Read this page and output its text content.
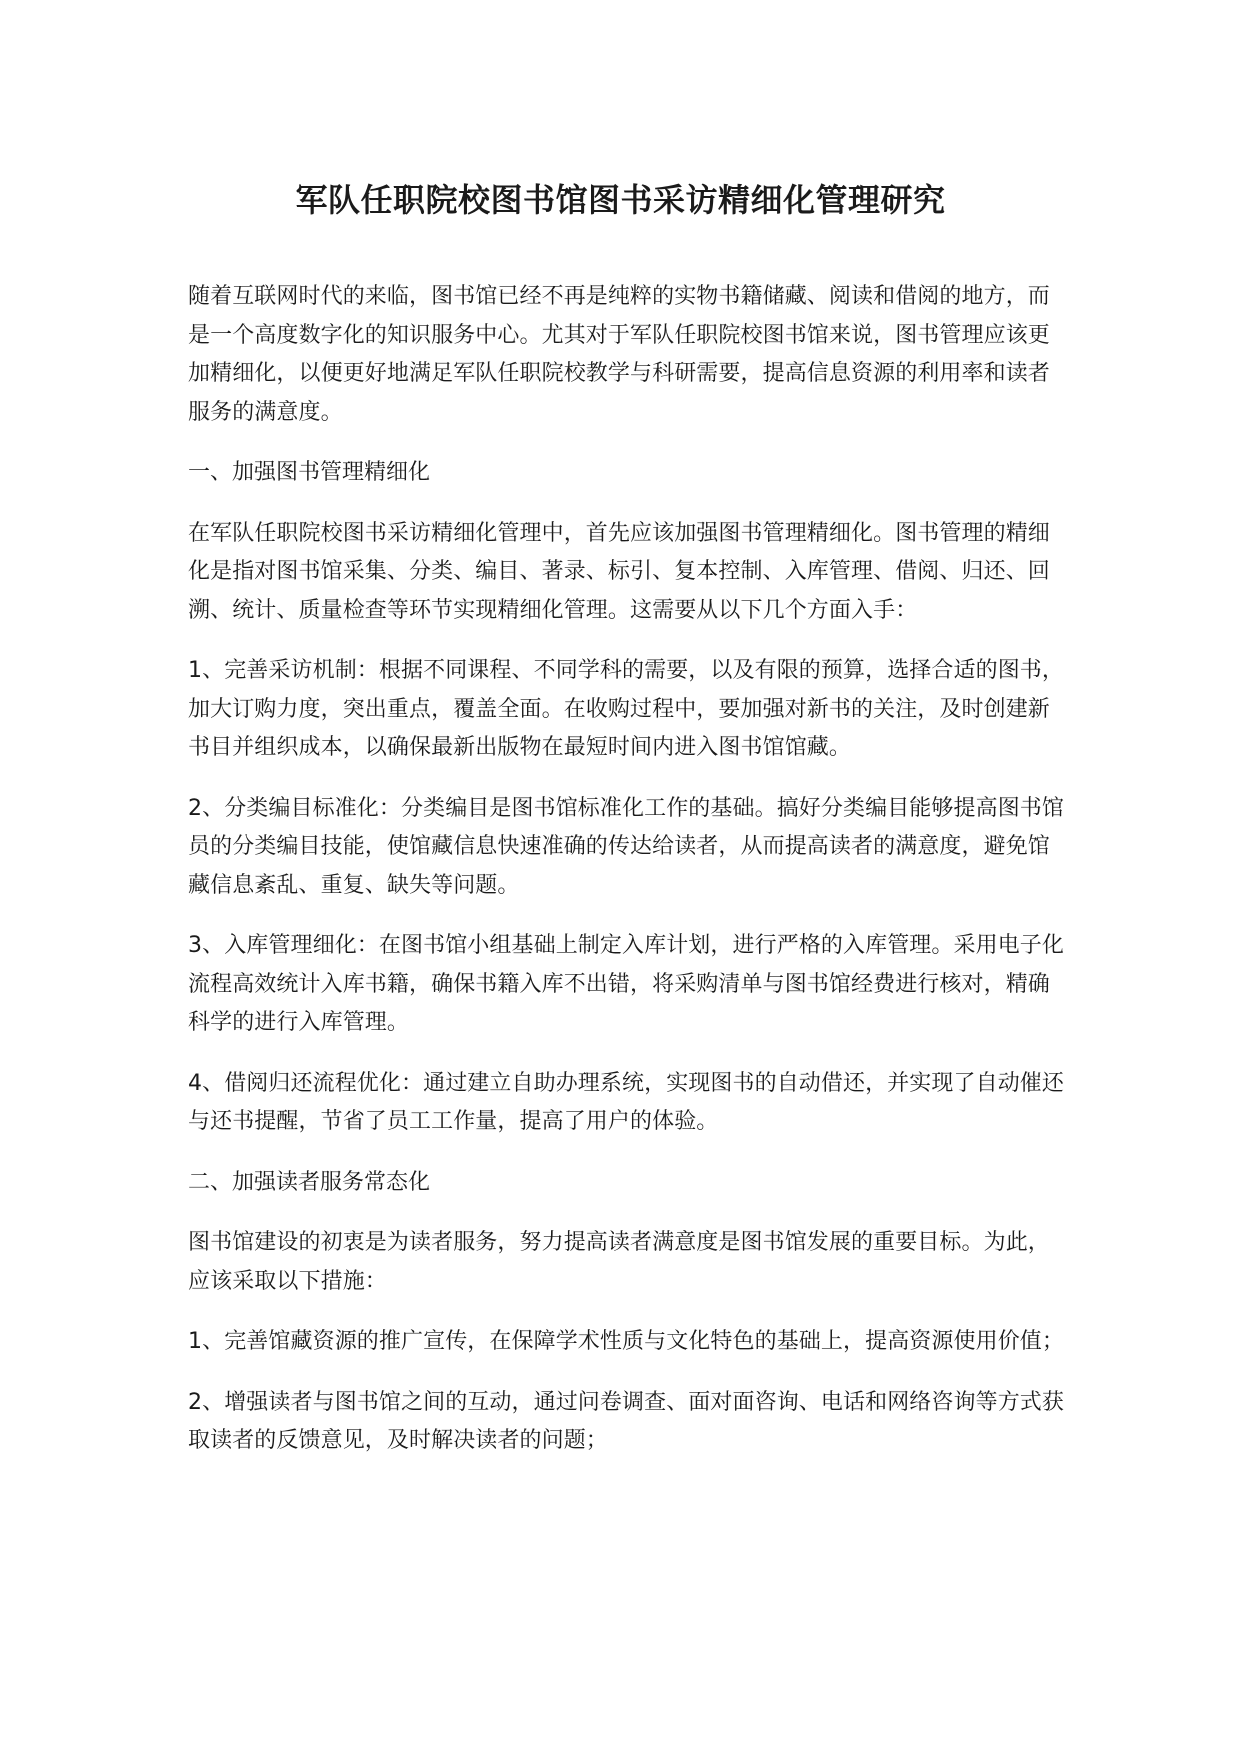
军队任职院校图书馆图书采访精细化管理研究

随着互联网时代的来临，图书馆已经不再是纯粹的实物书籍储藏、阅读和借阅的地方，而是一个高度数字化的知识服务中心。尤其对于军队任职院校图书馆来说，图书管理应该更加精细化，以便更好地满足军队任职院校教学与科研需要，提高信息资源的利用率和读者服务的满意度。

一、加强图书管理精细化

在军队任职院校图书采访精细化管理中，首先应该加强图书管理精细化。图书管理的精细化是指对图书馆采集、分类、编目、著录、标引、复本控制、入库管理、借阅、归还、回溯、统计、质量检查等环节实现精细化管理。这需要从以下几个方面入手：

1、完善采访机制：根据不同课程、不同学科的需要，以及有限的预算，选择合适的图书，加大订购力度，突出重点，覆盖全面。在收购过程中，要加强对新书的关注，及时创建新书目并组织成本，以确保最新出版物在最短时间内进入图书馆馆藏。

2、分类编目标准化：分类编目是图书馆标准化工作的基础。搞好分类编目能够提高图书馆员的分类编目技能，使馆藏信息快速准确的传达给读者，从而提高读者的满意度，避免馆藏信息紊乱、重复、缺失等问题。

3、入库管理细化：在图书馆小组基础上制定入库计划，进行严格的入库管理。采用电子化流程高效统计入库书籍，确保书籍入库不出错，将采购清单与图书馆经费进行核对，精确科学的进行入库管理。

4、借阅归还流程优化：通过建立自助办理系统，实现图书的自动借还，并实现了自动催还与还书提醒，节省了员工工作量，提高了用户的体验。

二、加强读者服务常态化

图书馆建设的初衷是为读者服务，努力提高读者满意度是图书馆发展的重要目标。为此，应该采取以下措施：

1、完善馆藏资源的推广宣传，在保障学术性质与文化特色的基础上，提高资源使用价值；

2、增强读者与图书馆之间的互动，通过问卷调查、面对面咨询、电话和网络咨询等方式获取读者的反馈意见，及时解决读者的问题；
